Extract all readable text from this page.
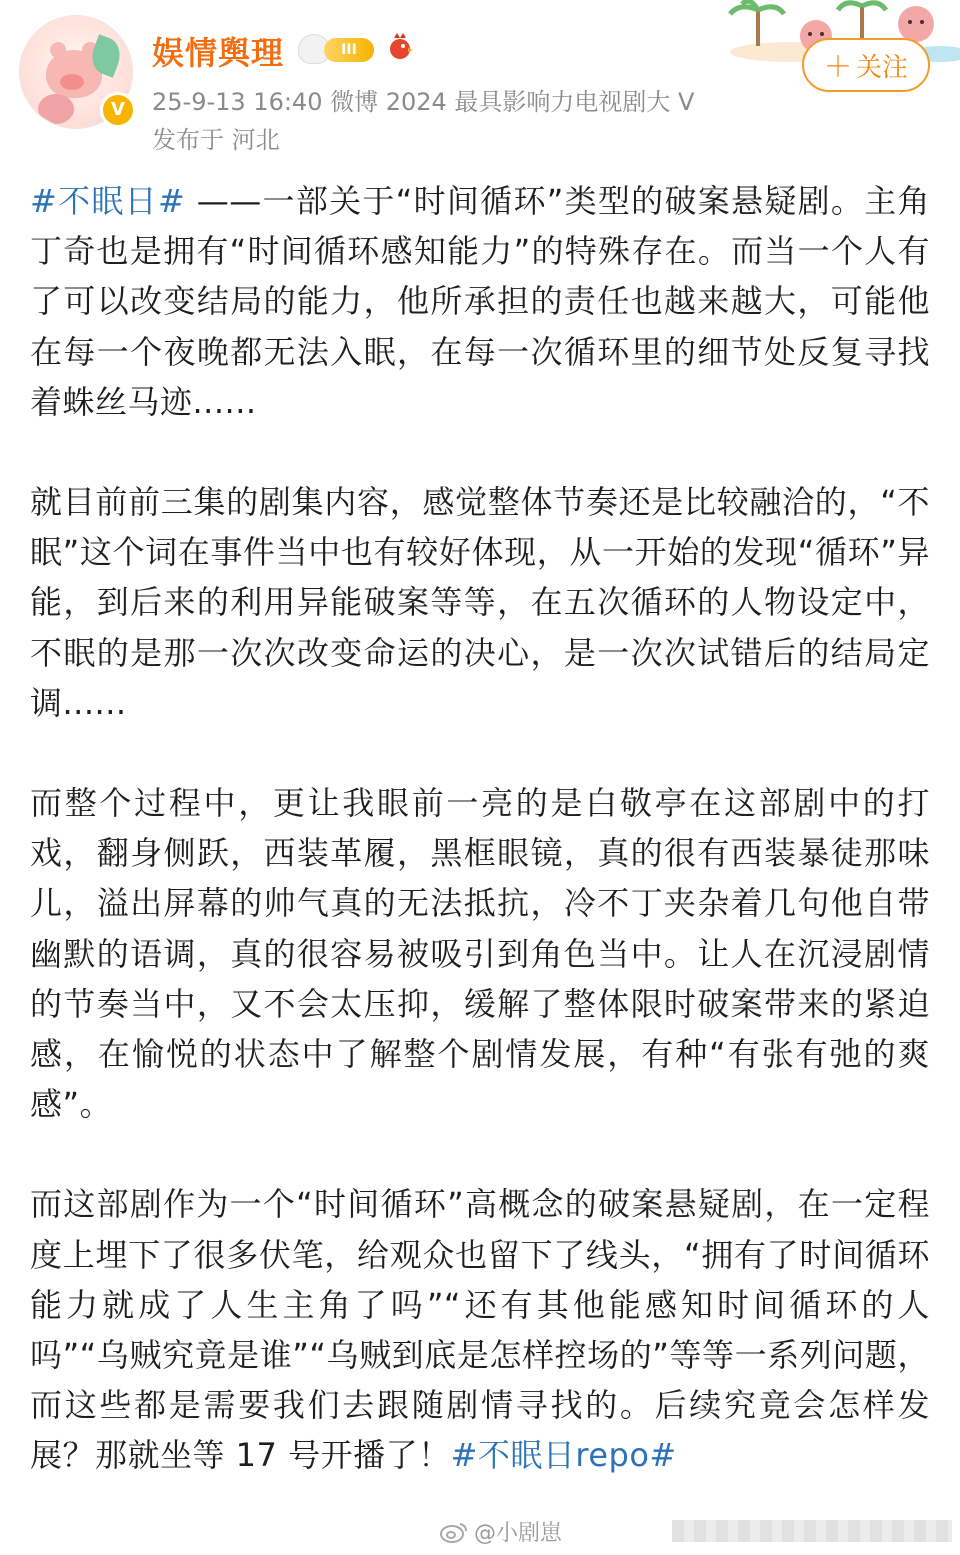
V
娱情舆理	III
25-9-13 16:40 微博 2024 最具影响力电视剧大 V
发布于 河北
＋ 关注

#不眠日# ——一部关于“时间循环”类型的破案悬疑剧。主角丁奇也是拥有“时间循环感知能力”的特殊存在。而当一个人有了可以改变结局的能力，他所承担的责任也越来越大，可能他在每一个夜晚都无法入眠，在每一次循环里的细节处反复寻找着蛛丝马迹......

就目前前三集的剧集内容，感觉整体节奏还是比较融洽的，“不眠”这个词在事件当中也有较好体现，从一开始的发现“循环”异能，到后来的利用异能破案等等，在五次循环的人物设定中，不眠的是那一次次改变命运的决心，是一次次试错后的结局定调......

而整个过程中，更让我眼前一亮的是白敬亭在这部剧中的打戏，翻身侧跃，西装革履，黑框眼镜，真的很有西装暴徒那味儿，溢出屏幕的帅气真的无法抵抗，冷不丁夹杂着几句他自带幽默的语调，真的很容易被吸引到角色当中。让人在沉浸剧情的节奏当中，又不会太压抑，缓解了整体限时破案带来的紧迫感，在愉悦的状态中了解整个剧情发展，有种“有张有弛的爽感”。

而这部剧作为一个“时间循环”高概念的破案悬疑剧，在一定程度上埋下了很多伏笔，给观众也留下了线头，“拥有了时间循环能力就成了人生主角了吗”“还有其他能感知时间循环的人吗”“乌贼究竟是谁”“乌贼到底是怎样控场的”等等一系列问题，而这些都是需要我们去跟随剧情寻找的。后续究竟会怎样发展？那就坐等 17 号开播了！#不眠日repo#

@小剧崽
